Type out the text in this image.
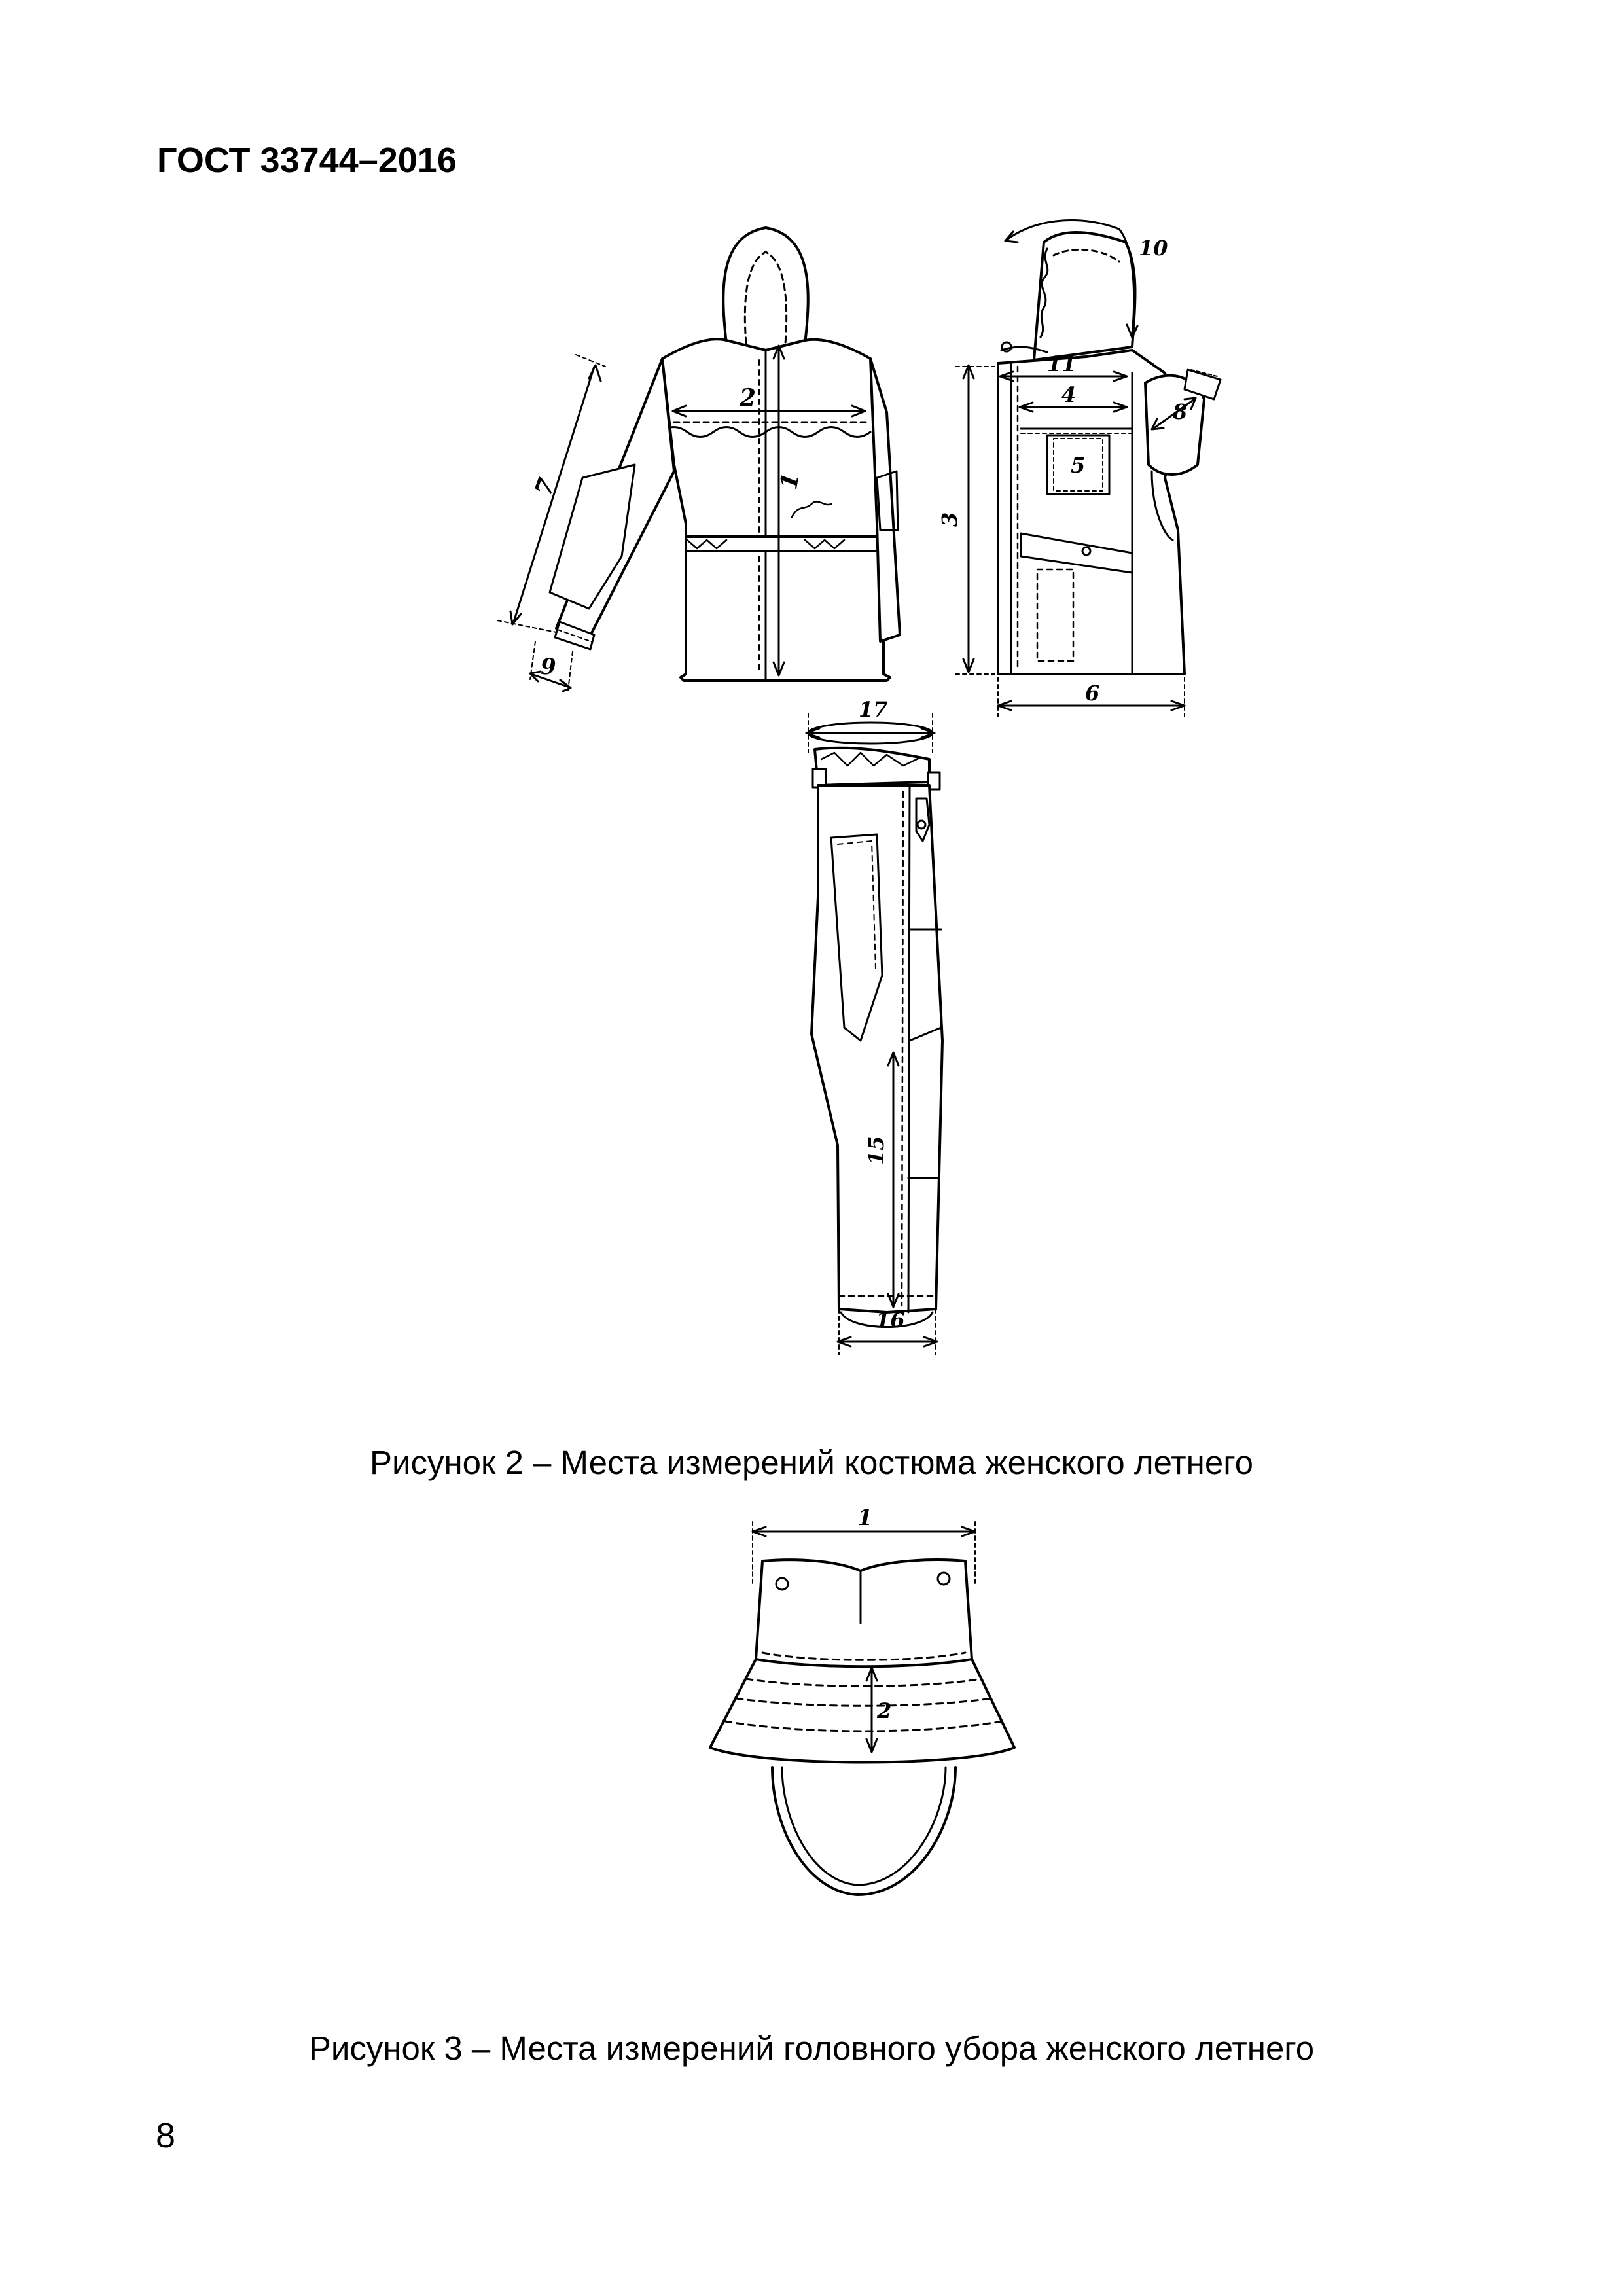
ГОСТ 33744–2016
1
2
7
9
10
11
4
5
8
3
6
17
15
16
Рисунок 2 – Места измерений костюма женского летнего
1
2
Рисунок 3 – Места измерений головного убора женского летнего
8
